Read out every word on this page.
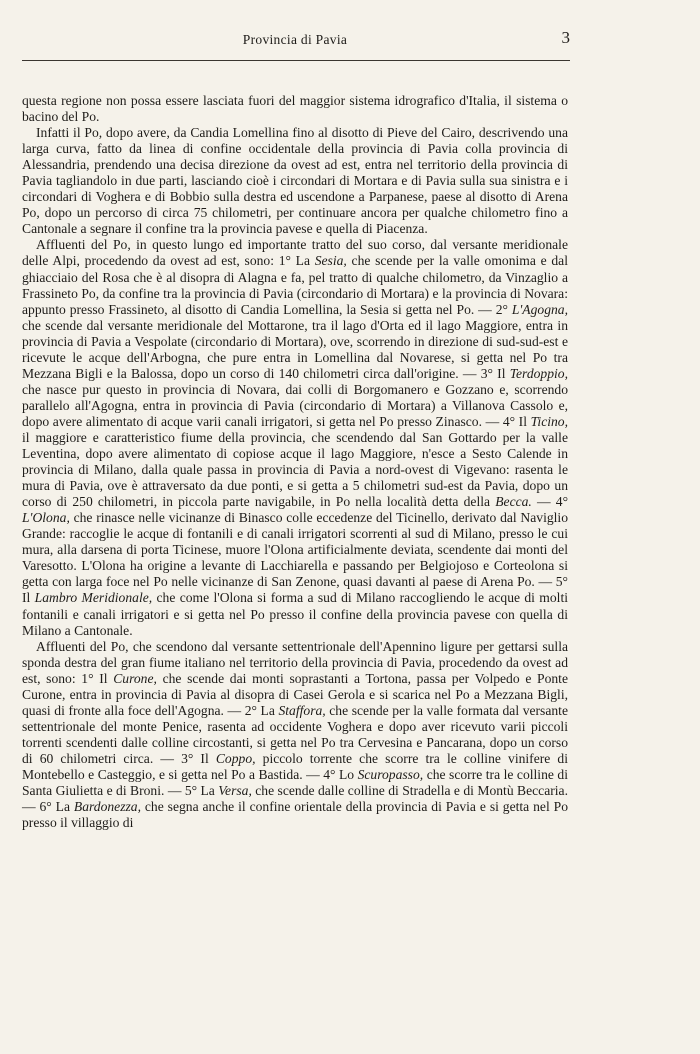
Provincia di Pavia	3

questa regione non possa essere lasciata fuori del maggior sistema idrografico d'Italia, il sistema o bacino del Po.

Infatti il Po, dopo avere, da Candia Lomellina fino al disotto di Pieve del Cairo, descrivendo una larga curva, fatto da linea di confine occidentale della provincia di Pavia colla provincia di Alessandria, prendendo una decisa direzione da ovest ad est, entra nel territorio della provincia di Pavia tagliandolo in due parti, lasciando cioè i circondari di Mortara e di Pavia sulla sua sinistra e i circondari di Voghera e di Bobbio sulla destra ed uscendone a Parpanese, paese al disotto di Arena Po, dopo un percorso di circa 75 chilometri, per continuare ancora per qualche chilometro fino a Cantonale a segnare il confine tra la provincia pavese e quella di Piacenza.

Affluenti del Po, in questo lungo ed importante tratto del suo corso, dal versante meridionale delle Alpi, procedendo da ovest ad est, sono: 1° La Sesia, che scende per la valle omonima e dal ghiacciaio del Rosa che è al disopra di Alagna e fa, pel tratto di qualche chilometro, da Vinzaglio a Frassineto Po, da confine tra la provincia di Pavia (circondario di Mortara) e la provincia di Novara: appunto presso Frassineto, al disotto di Candia Lomellina, la Sesia si getta nel Po. — 2° L'Agogna, che scende dal versante meridionale del Mottarone, tra il lago d'Orta ed il lago Maggiore, entra in provincia di Pavia a Vespolate (circondario di Mortara), ove, scorrendo in direzione di sud-sud-est e ricevute le acque dell'Arbogna, che pure entra in Lomellina dal Novarese, si getta nel Po tra Mezzana Bigli e la Balossa, dopo un corso di 140 chilometri circa dall'origine. — 3° Il Terdoppio, che nasce pur questo in provincia di Novara, dai colli di Borgomanero e Gozzano e, scorrendo parallelo all'Agogna, entra in provincia di Pavia (circondario di Mortara) a Villanova Cassolo e, dopo avere alimentato di acque varii canali irrigatori, si getta nel Po presso Zinasco. — 4° Il Ticino, il maggiore e caratteristico fiume della provincia, che scendendo dal San Gottardo per la valle Leventina, dopo avere alimentato di copiose acque il lago Maggiore, n'esce a Sesto Calende in provincia di Milano, dalla quale passa in provincia di Pavia a nord-ovest di Vigevano: rasenta le mura di Pavia, ove è attraversato da due ponti, e si getta a 5 chilometri sud-est da Pavia, dopo un corso di 250 chilometri, in piccola parte navigabile, in Po nella località detta della Becca. — 4° L'Olona, che rinasce nelle vicinanze di Binasco colle eccedenze del Ticinello, derivato dal Naviglio Grande: raccoglie le acque di fontanili e di canali irrigatori scorrenti al sud di Milano, presso le cui mura, alla darsena di porta Ticinese, muore l'Olona artificialmente deviata, scendente dai monti del Varesotto. L'Olona ha origine a levante di Lacchiarella e passando per Belgiojoso e Corteolona si getta con larga foce nel Po nelle vicinanze di San Zenone, quasi davanti al paese di Arena Po. — 5° Il Lambro Meridionale, che come l'Olona si forma a sud di Milano raccogliendo le acque di molti fontanili e canali irrigatori e si getta nel Po presso il confine della provincia pavese con quella di Milano a Cantonale.

Affluenti del Po, che scendono dal versante settentrionale dell'Apennino ligure per gettarsi sulla sponda destra del gran fiume italiano nel territorio della provincia di Pavia, procedendo da ovest ad est, sono: 1° Il Curone, che scende dai monti soprastanti a Tortona, passa per Volpedo e Ponte Curone, entra in provincia di Pavia al disopra di Casei Gerola e si scarica nel Po a Mezzana Bigli, quasi di fronte alla foce dell'Agogna. — 2° La Staffora, che scende per la valle formata dal versante settentrionale del monte Penice, rasenta ad occidente Voghera e dopo aver ricevuto varii piccoli torrenti scendenti dalle colline circostanti, si getta nel Po tra Cervesina e Pancarana, dopo un corso di 60 chilometri circa. — 3° Il Coppo, piccolo torrente che scorre tra le colline vinifere di Montebello e Casteggio, e si getta nel Po a Bastida. — 4° Lo Scuropasso, che scorre tra le colline di Santa Giulietta e di Broni. — 5° La Versa, che scende dalle colline di Stradella e di Montù Beccaria. — 6° La Bardonezza, che segna anche il confine orientale della provincia di Pavia e si getta nel Po presso il villaggio di
